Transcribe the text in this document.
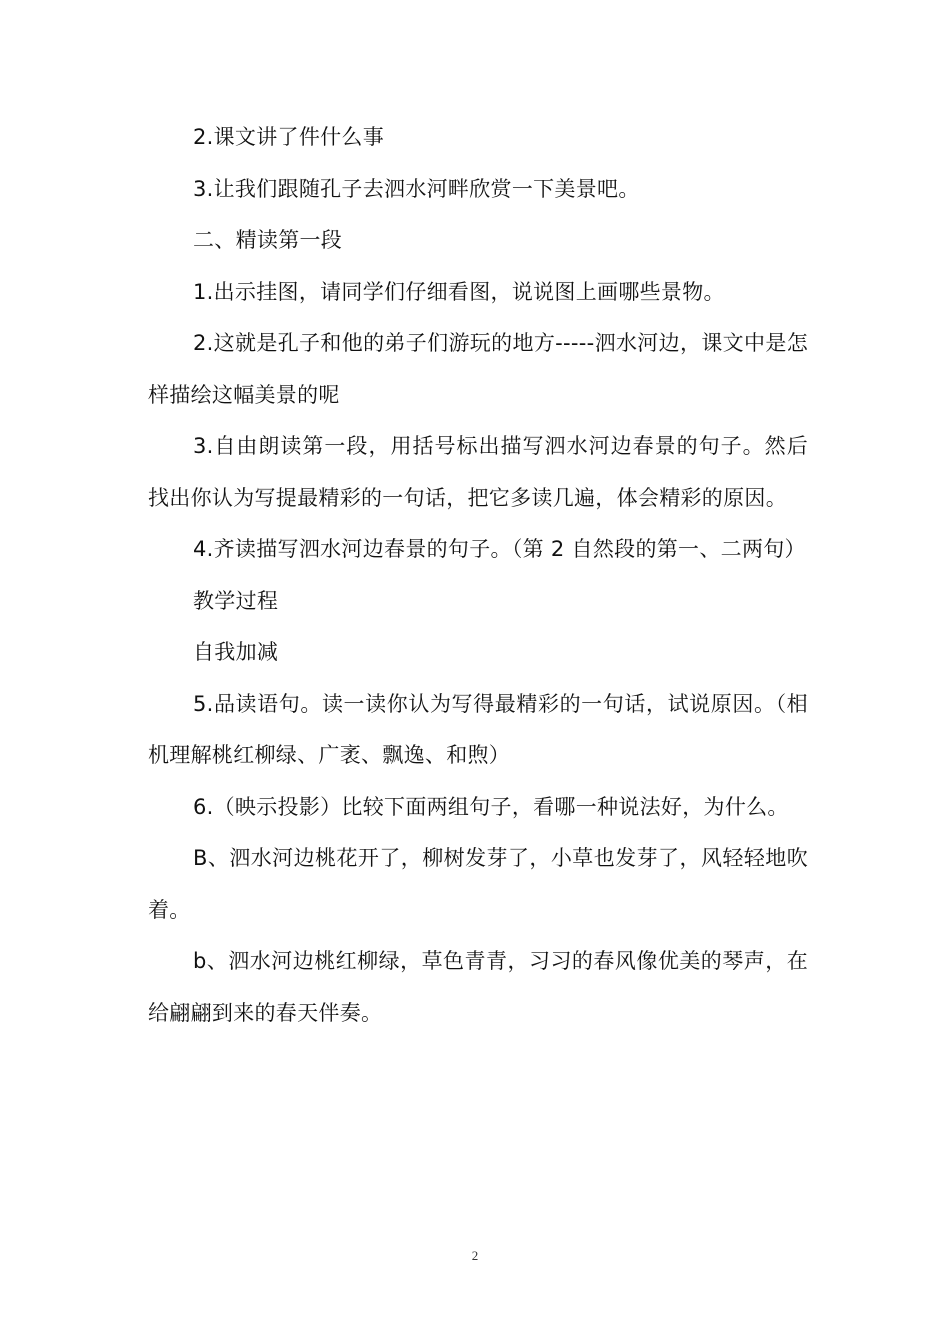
2.课文讲了件什么事

3.让我们跟随孔子去泗水河畔欣赏一下美景吧。

二、精读第一段

1.出示挂图，请同学们仔细看图，说说图上画哪些景物。

2.这就是孔子和他的弟子们游玩的地方-----泗水河边，课文中是怎样描绘这幅美景的呢

3.自由朗读第一段，用括号标出描写泗水河边春景的句子。然后找出你认为写提最精彩的一句话，把它多读几遍，体会精彩的原因。

4.齐读描写泗水河边春景的句子。（第 2 自然段的第一、二两句）

教学过程

自我加减

5.品读语句。读一读你认为写得最精彩的一句话，试说原因。（相机理解桃红柳绿、广袤、飘逸、和煦）

6.（映示投影）比较下面两组句子，看哪一种说法好，为什么。

B、泗水河边桃花开了，柳树发芽了，小草也发芽了，风轻轻地吹着。

b、泗水河边桃红柳绿，草色青青，习习的春风像优美的琴声，在给翩翩到来的春天伴奏。

2
